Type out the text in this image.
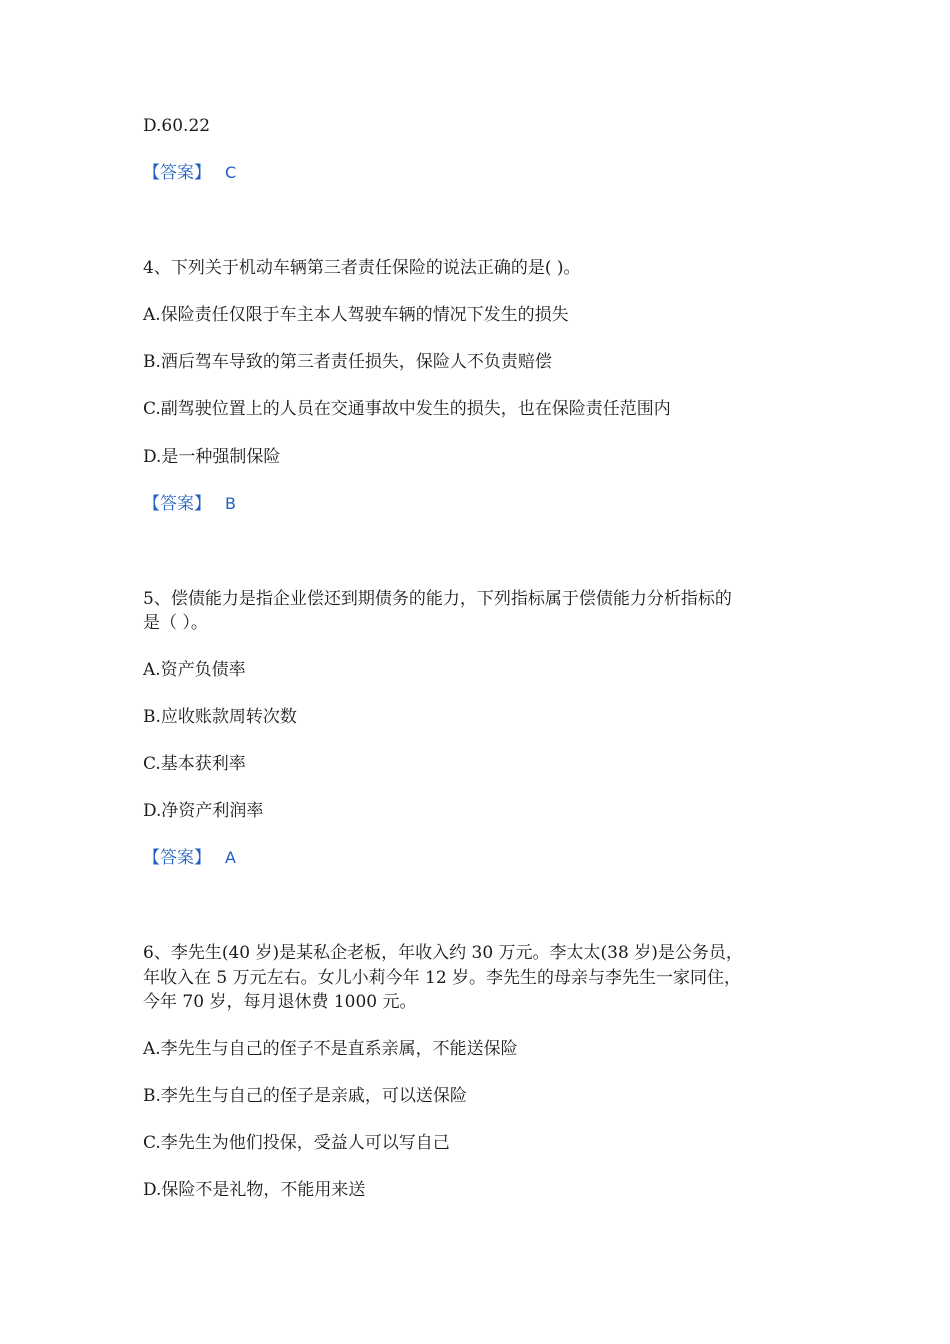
D.60.22
【答案】 C
4、下列关于机动车辆第三者责任保险的说法正确的是( )。
A.保险责任仅限于车主本人驾驶车辆的情况下发生的损失
B.酒后驾车导致的第三者责任损失，保险人不负责赔偿
C.副驾驶位置上的人员在交通事故中发生的损失，也在保险责任范围内
D.是一种强制保险
【答案】 B
5、偿债能力是指企业偿还到期债务的能力，下列指标属于偿债能力分析指标的
是（ ）。
A.资产负债率
B.应收账款周转次数
C.基本获利率
D.净资产利润率
【答案】 A
6、李先生(40 岁)是某私企老板，年收入约 30 万元。李太太(38 岁)是公务员，
年收入在 5 万元左右。女儿小莉今年 12 岁。李先生的母亲与李先生一家同住，
今年 70 岁，每月退休费 1000 元。
A.李先生与自己的侄子不是直系亲属，不能送保险
B.李先生与自己的侄子是亲戚，可以送保险
C.李先生为他们投保，受益人可以写自己
D.保险不是礼物，不能用来送
